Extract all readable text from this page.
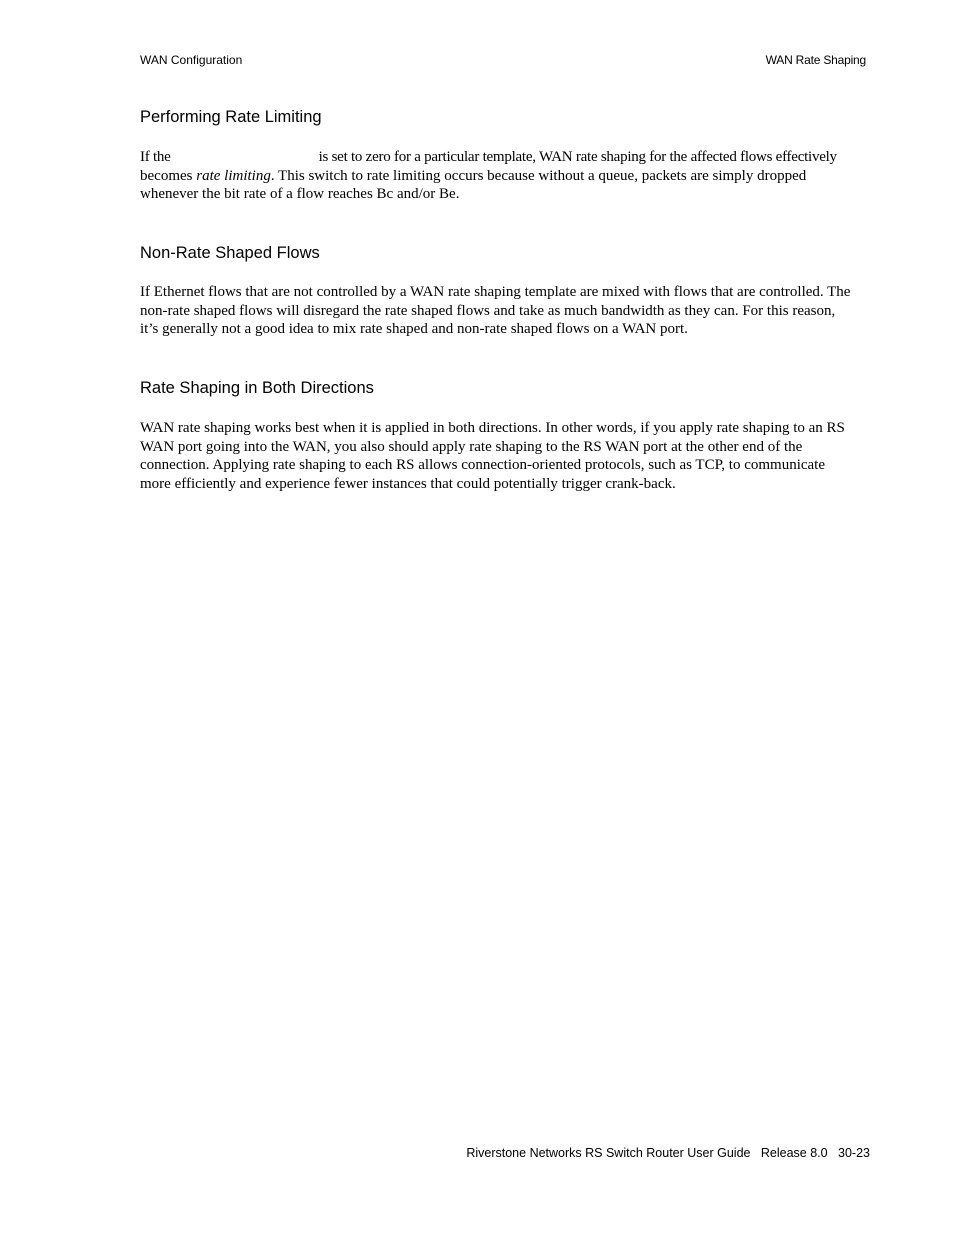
WAN Configuration	WAN Rate Shaping
Performing Rate Limiting

If the	is set to zero for a particular template, WAN rate shaping for the affected flows effectively
becomes rate limiting. This switch to rate limiting occurs because without a queue, packets are simply dropped
whenever the bit rate of a flow reaches Bc and/or Be.

Non-Rate Shaped Flows

If Ethernet flows that are not controlled by a WAN rate shaping template are mixed with flows that are controlled. The
non-rate shaped flows will disregard the rate shaped flows and take as much bandwidth as they can. For this reason,
it’s generally not a good idea to mix rate shaped and non-rate shaped flows on a WAN port.

Rate Shaping in Both Directions

WAN rate shaping works best when it is applied in both directions. In other words, if you apply rate shaping to an RS
WAN port going into the WAN, you also should apply rate shaping to the RS WAN port at the other end of the
connection. Applying rate shaping to each RS allows connection-oriented protocols, such as TCP, to communicate
more efficiently and experience fewer instances that could potentially trigger crank-back.

Riverstone Networks RS Switch Router User Guide   Release 8.0   30-23
